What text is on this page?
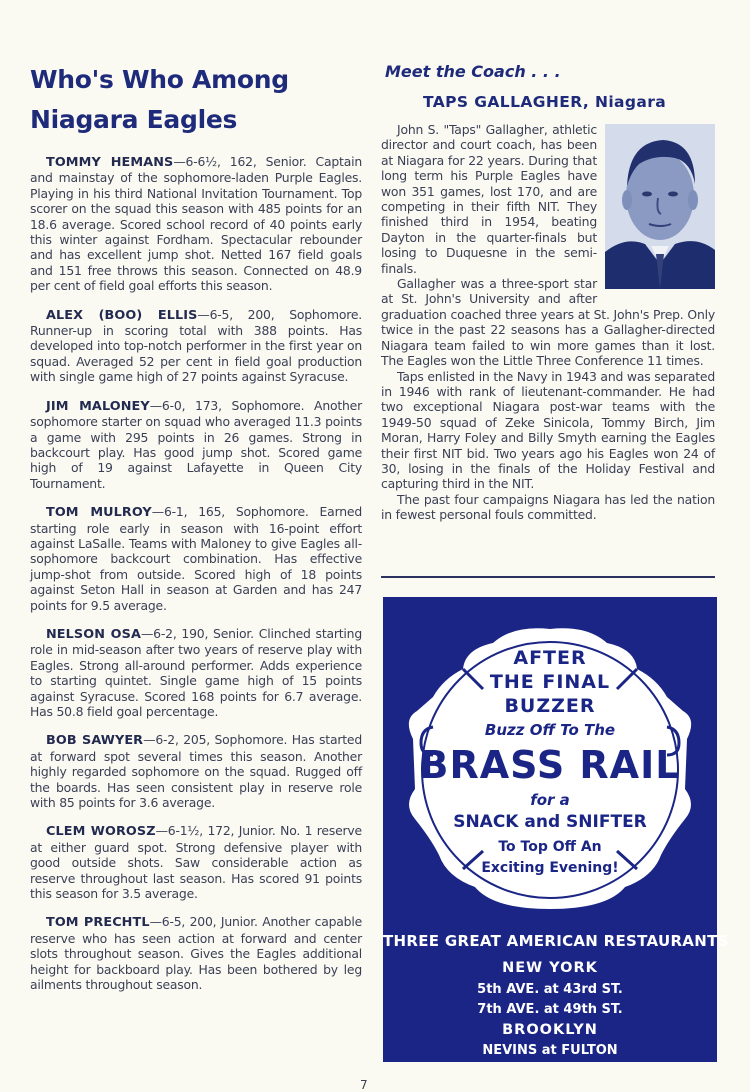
Who's Who Among
Niagara Eagles

TOMMY HEMANS—6-6½, 162, Senior. Captain and mainstay of the sophomore-laden Purple Eagles. Playing in his third National Invitation Tournament. Top scorer on the squad this season with 485 points for an 18.6 average. Scored school record of 40 points early this winter against Fordham. Spectacular rebounder and has excellent jump shot. Netted 167 field goals and 151 free throws this season. Connected on 48.9 per cent of field goal efforts this season.

ALEX (BOO) ELLIS—6-5, 200, Sophomore. Runner-up in scoring total with 388 points. Has developed into top-notch performer in the first year on squad. Averaged 52 per cent in field goal production with single game high of 27 points against Syracuse.

JIM MALONEY—6-0, 173, Sophomore. Another sophomore starter on squad who averaged 11.3 points a game with 295 points in 26 games. Strong in backcourt play. Has good jump shot. Scored game high of 19 against Lafayette in Queen City Tournament.

TOM MULROY—6-1, 165, Sophomore. Earned starting role early in season with 16-point effort against LaSalle. Teams with Maloney to give Eagles all-sophomore backcourt combination. Has effective jump-shot from outside. Scored high of 18 points against Seton Hall in season at Garden and has 247 points for 9.5 average.

NELSON OSA—6-2, 190, Senior. Clinched starting role in mid-season after two years of reserve play with Eagles. Strong all-around performer. Adds experience to starting quintet. Single game high of 15 points against Syracuse. Scored 168 points for 6.7 average. Has 50.8 field goal percentage.

BOB SAWYER—6-2, 205, Sophomore. Has started at forward spot several times this season. Another highly regarded sophomore on the squad. Rugged off the boards. Has seen consistent play in reserve role with 85 points for 3.6 average.

CLEM WOROSZ—6-1½, 172, Junior. No. 1 reserve at either guard spot. Strong defensive player with good outside shots. Saw considerable action as reserve throughout last season. Has scored 91 points this season for 3.5 average.

TOM PRECHTL—6-5, 200, Junior. Another capable reserve who has seen action at forward and center slots throughout season. Gives the Eagles additional height for backboard play. Has been bothered by leg ailments throughout season.

Meet the Coach . . .
TAPS GALLAGHER, Niagara

John S. "Taps" Gallagher, athletic director and court coach, has been at Niagara for 22 years. During that long term his Purple Eagles have won 351 games, lost 170, and are competing in their fifth NIT. They finished third in 1954, beating Dayton in the quarter-finals but losing to Duquesne in the semi-finals.

Gallagher was a three-sport star at St. John's University and after graduation coached three years at St. John's Prep. Only twice in the past 22 seasons has a Gallagher-directed Niagara team failed to win more games than it lost. The Eagles won the Little Three Conference 11 times.

Taps enlisted in the Navy in 1943 and was separated in 1946 with rank of lieutenant-commander. He had two exceptional Niagara post-war teams with the 1949-50 squad of Zeke Sinicola, Tommy Birch, Jim Moran, Harry Foley and Billy Smyth earning the Eagles their first NIT bid. Two years ago his Eagles won 24 of 30, losing in the finals of the Holiday Festival and capturing third in the NIT.

The past four campaigns Niagara has led the nation in fewest personal fouls committed.

AFTER
THE FINAL
BUZZER
Buzz Off To The
BRASS RAIL
for a
SNACK and SNIFTER
To Top Off An
Exciting Evening!
THREE GREAT AMERICAN RESTAURANTS
NEW YORK
5th AVE. at 43rd ST.
7th AVE. at 49th ST.
BROOKLYN
NEVINS at FULTON
7
